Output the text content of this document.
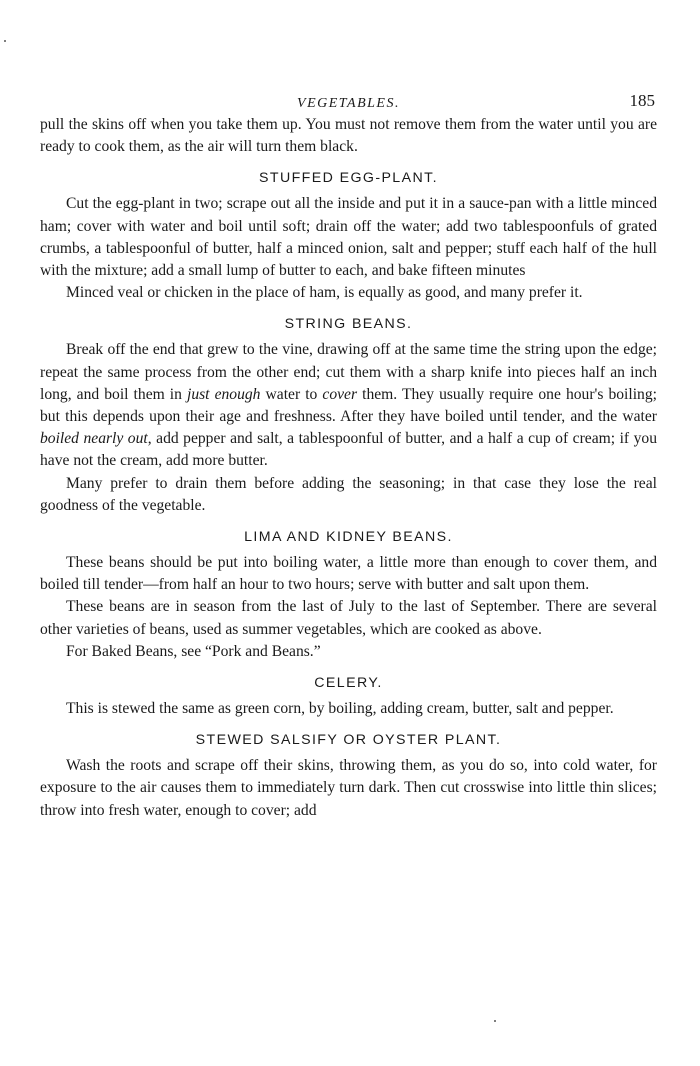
VEGETABLES.	185

pull the skins off when you take them up. You must not remove them from the water until you are ready to cook them, as the air will turn them black.

STUFFED EGG-PLANT.

Cut the egg-plant in two; scrape out all the inside and put it in a sauce-pan with a little minced ham; cover with water and boil until soft; drain off the water; add two tablespoonfuls of grated crumbs, a tablespoonful of butter, half a minced onion, salt and pepper; stuff each half of the hull with the mixture; add a small lump of butter to each, and bake fifteen minutes

Minced veal or chicken in the place of ham, is equally as good, and many prefer it.

STRING BEANS.

Break off the end that grew to the vine, drawing off at the same time the string upon the edge; repeat the same process from the other end; cut them with a sharp knife into pieces half an inch long, and boil them in just enough water to cover them. They usually require one hour's boiling; but this depends upon their age and freshness. After they have boiled until tender, and the water boiled nearly out, add pepper and salt, a tablespoonful of butter, and a half a cup of cream; if you have not the cream, add more butter.

Many prefer to drain them before adding the seasoning; in that case they lose the real goodness of the vegetable.

LIMA AND KIDNEY BEANS.

These beans should be put into boiling water, a little more than enough to cover them, and boiled till tender—from half an hour to two hours; serve with butter and salt upon them.

These beans are in season from the last of July to the last of September. There are several other varieties of beans, used as summer vegetables, which are cooked as above.

For Baked Beans, see “Pork and Beans.”

CELERY.

This is stewed the same as green corn, by boiling, adding cream, butter, salt and pepper.

STEWED SALSIFY OR OYSTER PLANT.

Wash the roots and scrape off their skins, throwing them, as you do so, into cold water, for exposure to the air causes them to immediately turn dark. Then cut crosswise into little thin slices; throw into fresh water, enough to cover; add
